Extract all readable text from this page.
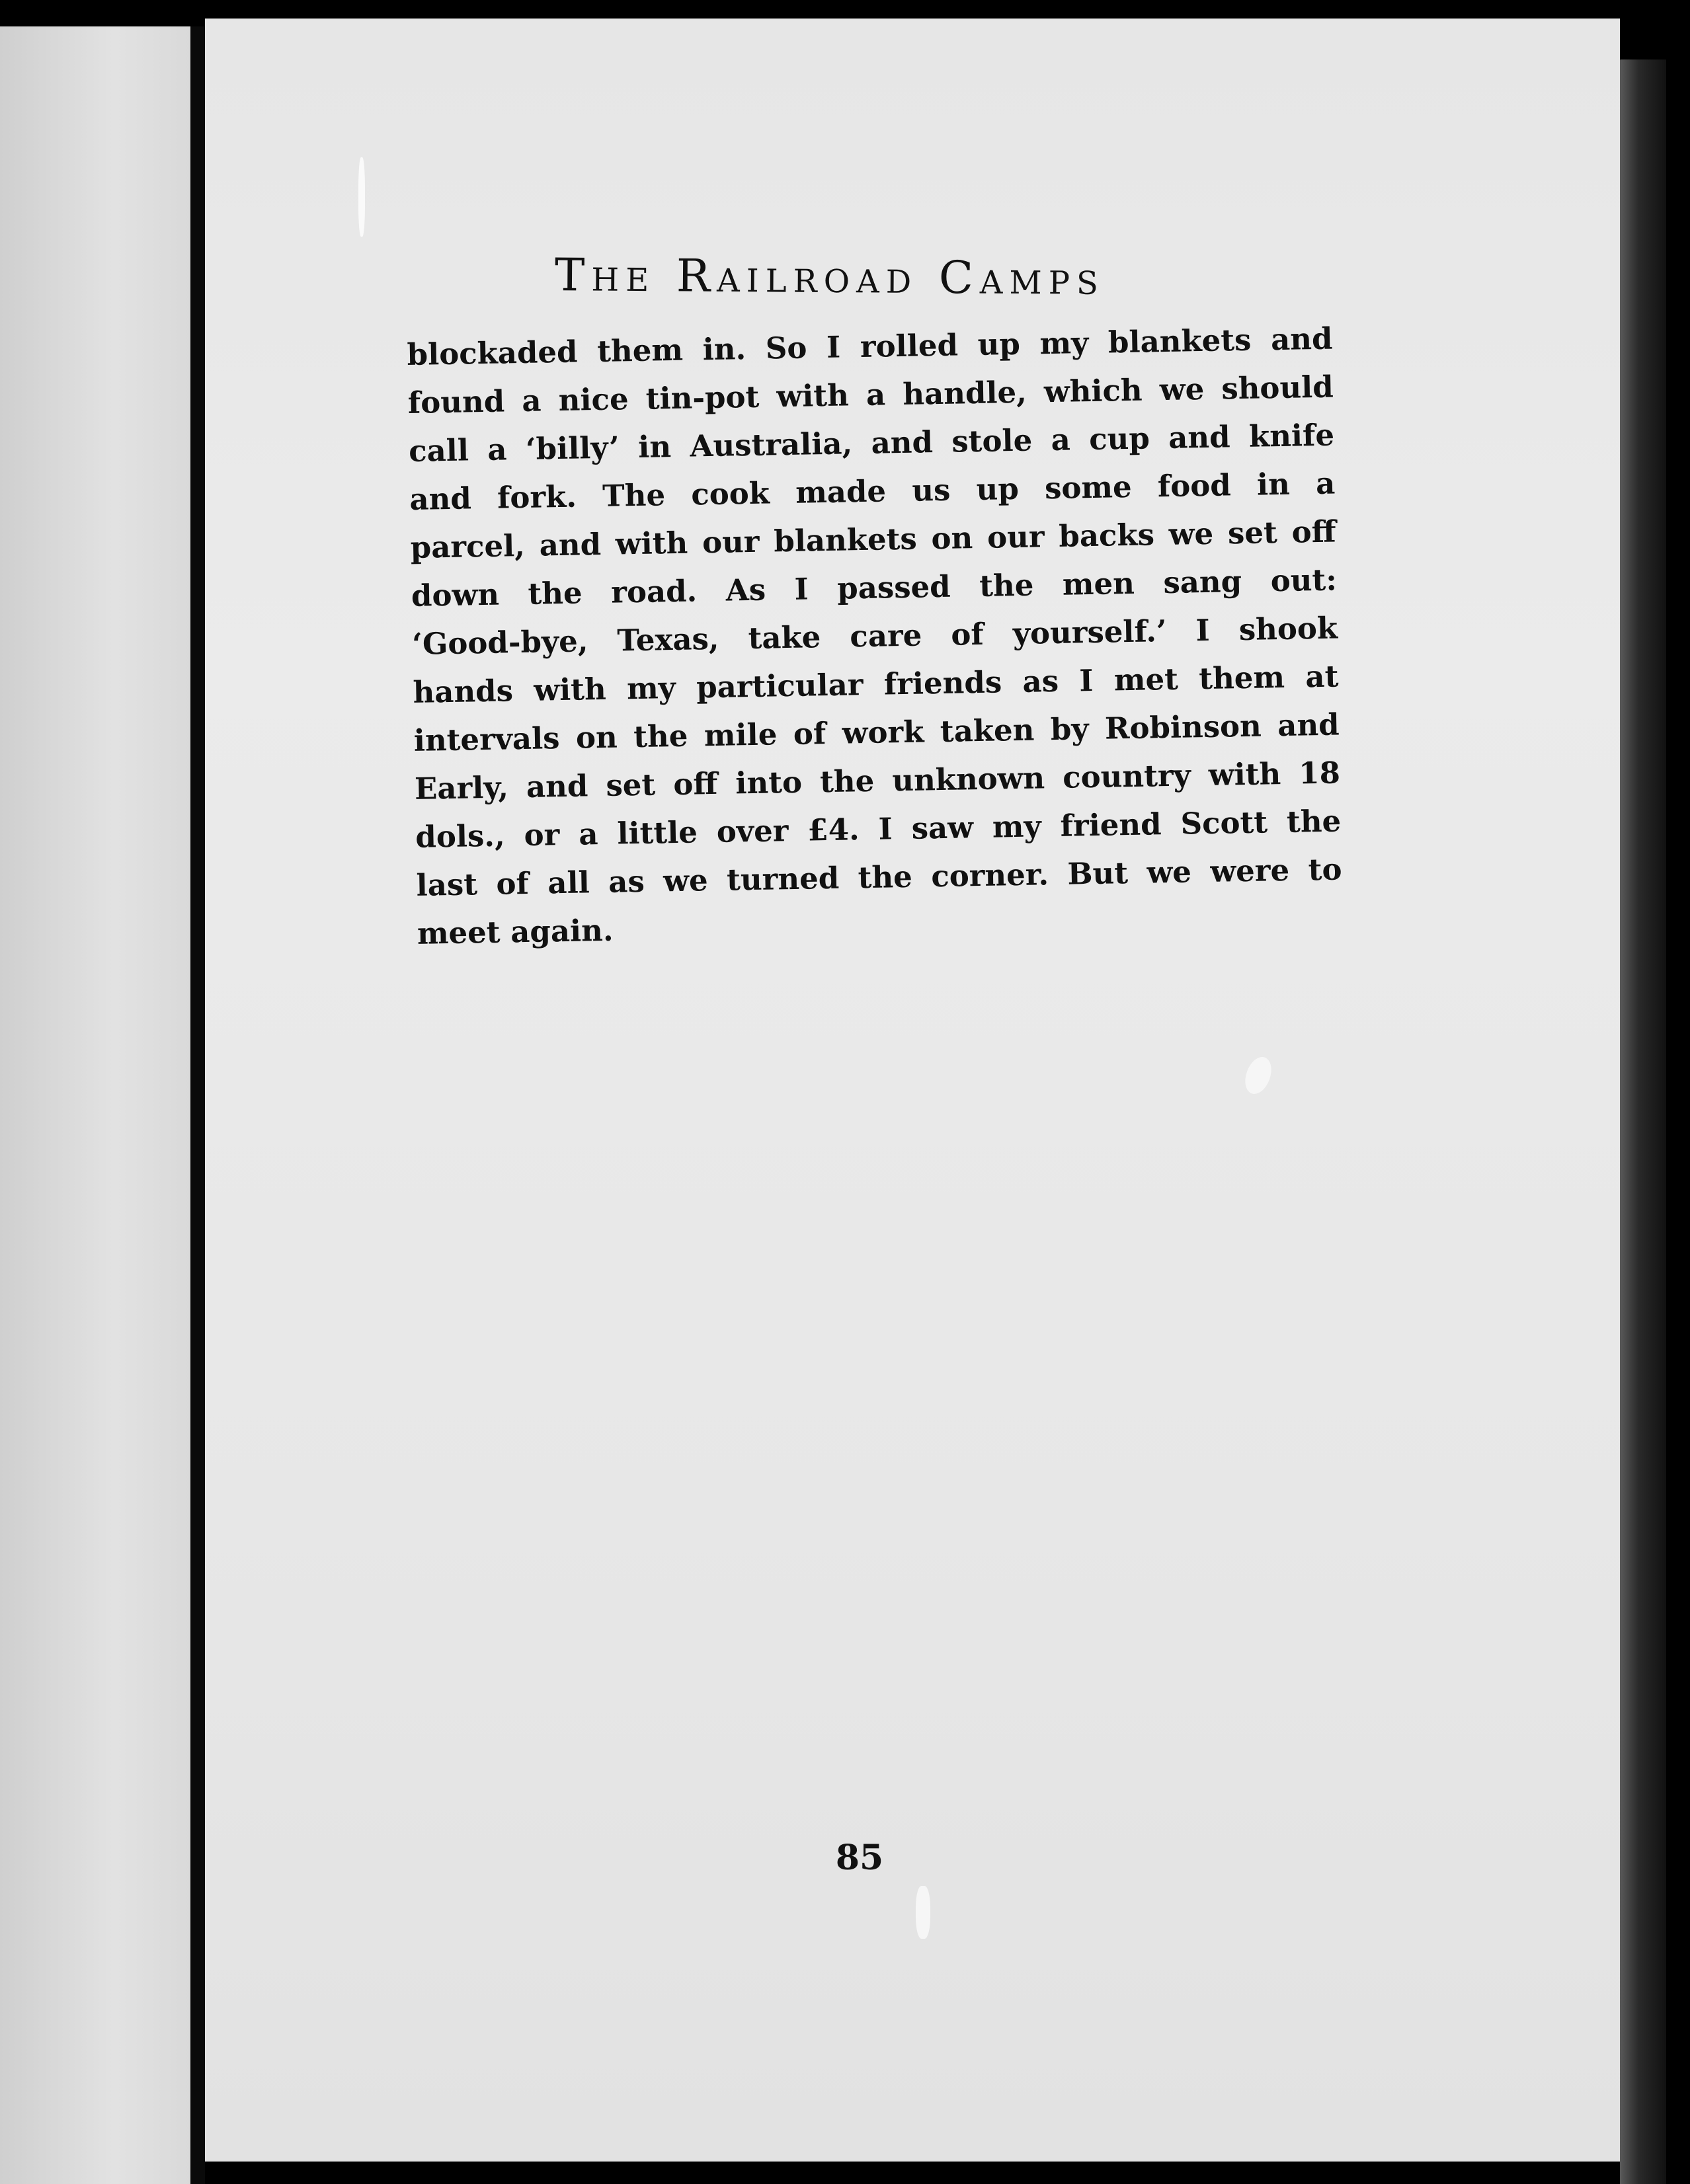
The Railroad Camps
blockaded them in. So I rolled up my blankets and
found a nice tin-pot with a handle, which we should
call a ‘billy’ in Australia, and stole a cup and knife
and fork. The cook made us up some food in a
parcel, and with our blankets on our backs we set off
down the road. As I passed the men sang out:
‘Good-bye, Texas, take care of yourself.’ I shook
hands with my particular friends as I met them at
intervals on the mile of work taken by Robinson and
Early, and set off into the unknown country with 18
dols., or a little over £4. I saw my friend Scott the
last of all as we turned the corner. But we were to
meet again.
85
